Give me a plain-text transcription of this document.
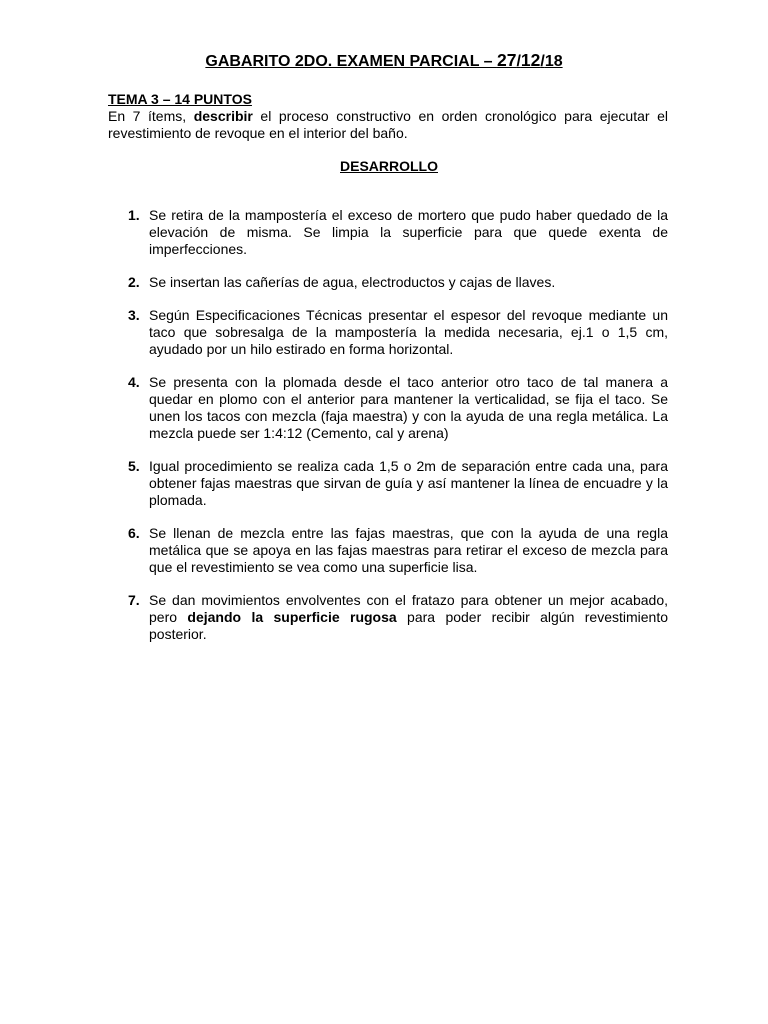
GABARITO 2DO. EXAMEN PARCIAL – 27/12/18
TEMA 3 – 14 PUNTOS
En 7 ítems, describir el proceso constructivo en orden cronológico para ejecutar el revestimiento de revoque en el interior del baño.
DESARROLLO
1. Se retira de la mampostería el exceso de mortero que pudo haber quedado de la elevación de misma. Se limpia la superficie para que quede exenta de imperfecciones.
2. Se insertan las cañerías de agua, electroductos y cajas de llaves.
3. Según Especificaciones Técnicas presentar el espesor del revoque mediante un taco que sobresalga de la mampostería la medida necesaria, ej.1 o 1,5 cm, ayudado por un hilo estirado en forma horizontal.
4. Se presenta con la plomada desde el taco anterior otro taco de tal manera a quedar en plomo con el anterior para mantener la verticalidad, se fija el taco. Se unen los tacos con mezcla (faja maestra) y con la ayuda de una regla metálica. La mezcla puede ser 1:4:12 (Cemento, cal y arena)
5. Igual procedimiento se realiza cada 1,5 o 2m de separación entre cada una, para obtener fajas maestras que sirvan de guía y así mantener la línea de encuadre y la plomada.
6. Se llenan de mezcla entre las fajas maestras, que con la ayuda de una regla metálica que se apoya en las fajas maestras para retirar el exceso de mezcla para que el revestimiento se vea como una superficie lisa.
7. Se dan movimientos envolventes con el fratazo para obtener un mejor acabado, pero dejando la superficie rugosa para poder recibir algún revestimiento posterior.
